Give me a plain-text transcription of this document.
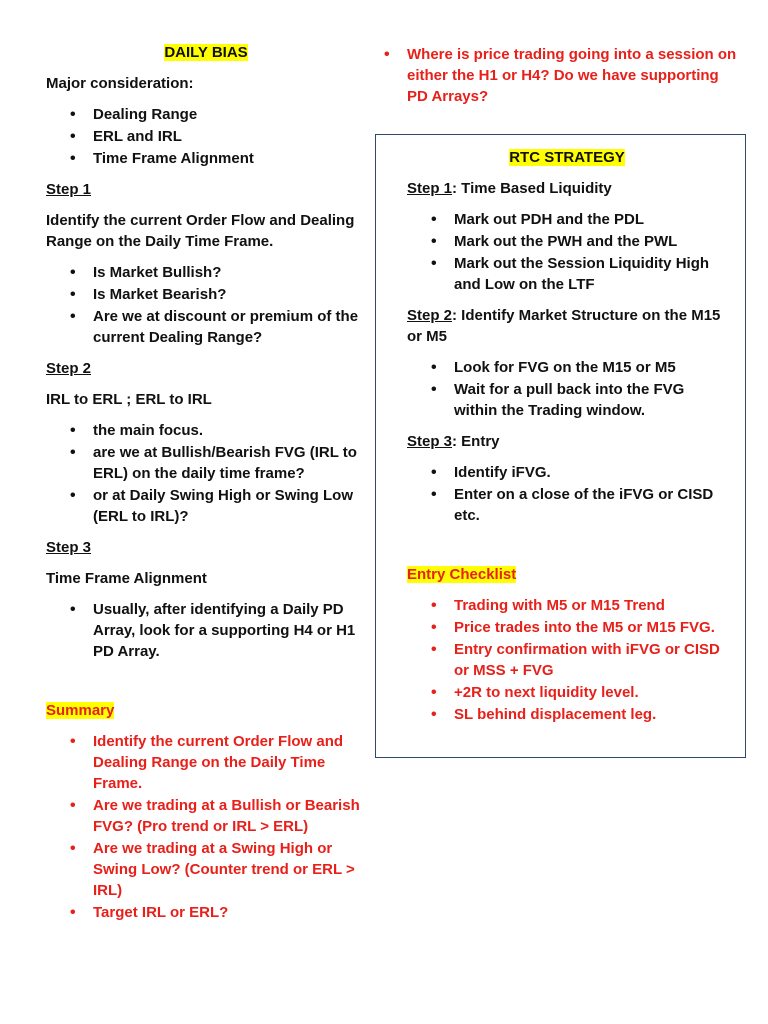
DAILY BIAS

Major consideration:

• Dealing Range
• ERL and IRL
• Time Frame Alignment

Step 1

Identify the current Order Flow and Dealing Range on the Daily Time Frame.

• Is Market Bullish?
• Is Market Bearish?
• Are we at discount or premium of the current Dealing Range?

Step 2

IRL to ERL ; ERL to IRL

• the main focus.
• are we at Bullish/Bearish FVG (IRL to ERL) on the daily time frame?
• or at Daily Swing High or Swing Low (ERL to IRL)?

Step 3

Time Frame Alignment

• Usually, after identifying a Daily PD Array, look for a supporting H4 or H1 PD Array.

Summary

• Identify the current Order Flow and Dealing Range on the Daily Time Frame.
• Are we trading at a Bullish or Bearish FVG? (Pro trend or IRL > ERL)
• Are we trading at a Swing High or Swing Low? (Counter trend or ERL > IRL)
• Target IRL or ERL?
• Where is price trading going into a session on either the H1 or H4? Do we have supporting PD Arrays?

RTC STRATEGY

Step 1: Time Based Liquidity

• Mark out PDH and the PDL
• Mark out the PWH and the PWL
• Mark out the Session Liquidity High and Low on the LTF

Step 2: Identify Market Structure on the M15 or M5

• Look for FVG on the M15 or M5
• Wait for a pull back into the FVG within the Trading window.

Step 3: Entry

• Identify iFVG.
• Enter on a close of the iFVG or CISD etc.

Entry Checklist

• Trading with M5 or M15 Trend
• Price trades into the M5 or M15 FVG.
• Entry confirmation with iFVG or CISD or MSS + FVG
• +2R to next liquidity level.
• SL behind displacement leg.
